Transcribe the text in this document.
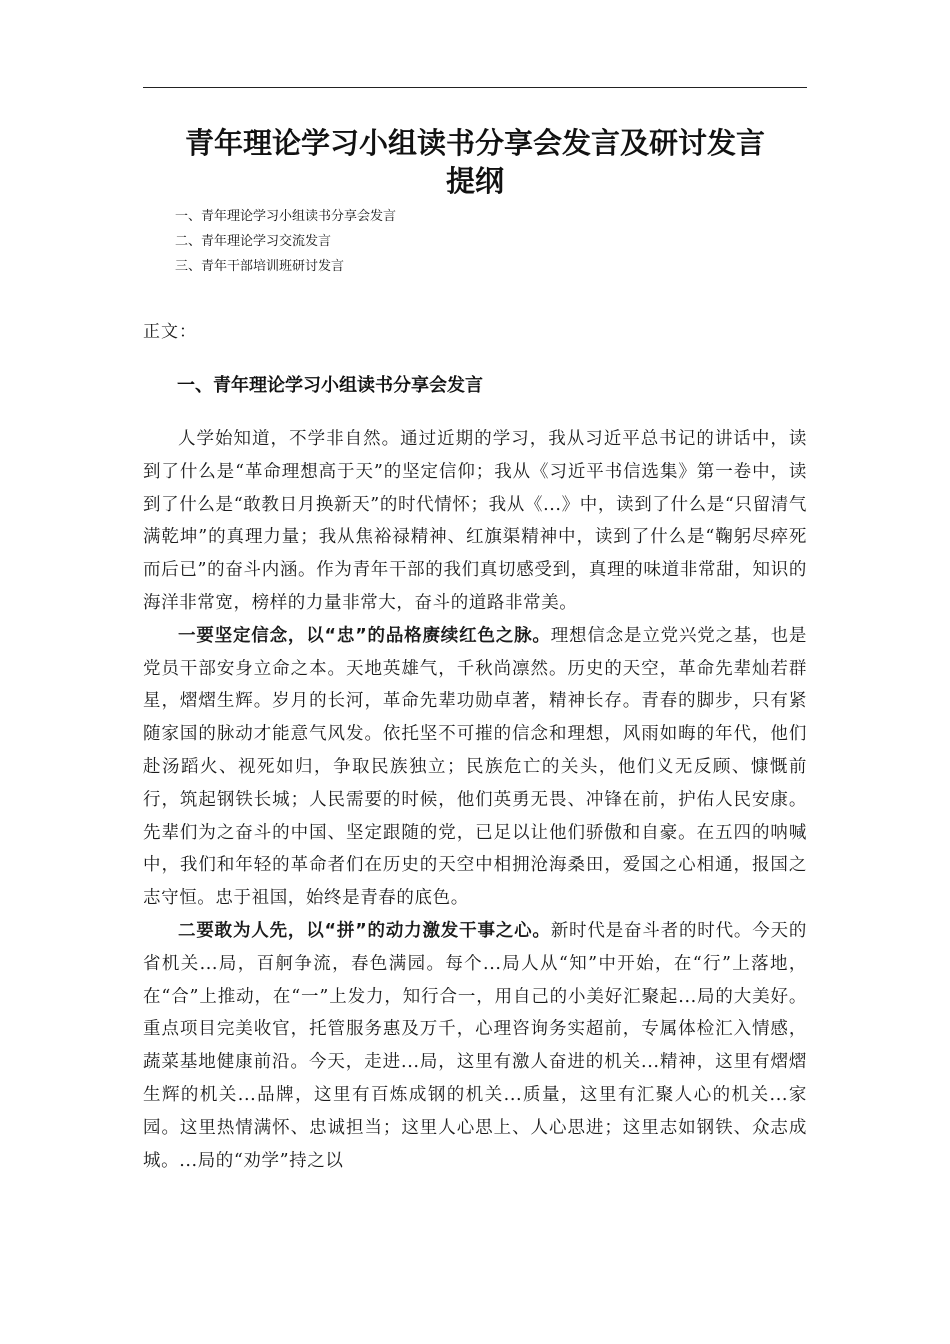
青年理论学习小组读书分享会发言及研讨发言
提纲
一、青年理论学习小组读书分享会发言
二、青年理论学习交流发言
三、青年干部培训班研讨发言

正文：

一、青年理论学习小组读书分享会发言

人学始知道，不学非自然。通过近期的学习，我从习近平总书记的讲话中，读到了什么是“革命理想高于天”的坚定信仰；我从《习近平书信选集》第一卷中，读到了什么是“敢教日月换新天”的时代情怀；我从《...》中，读到了什么是“只留清气满乾坤”的真理力量；我从焦裕禄精神、红旗渠精神中，读到了什么是“鞠躬尽瘁死而后已”的奋斗内涵。作为青年干部的我们真切感受到，真理的味道非常甜，知识的海洋非常宽，榜样的力量非常大，奋斗的道路非常美。

一要坚定信念，以“忠”的品格赓续红色之脉。理想信念是立党兴党之基，也是党员干部安身立命之本。天地英雄气，千秋尚凛然。历史的天空，革命先辈灿若群星，熠熠生辉。岁月的长河，革命先辈功勋卓著，精神长存。青春的脚步，只有紧随家国的脉动才能意气风发。依托坚不可摧的信念和理想，风雨如晦的年代，他们赴汤蹈火、视死如归，争取民族独立；民族危亡的关头，他们义无反顾、慷慨前行，筑起钢铁长城；人民需要的时候，他们英勇无畏、冲锋在前，护佑人民安康。先辈们为之奋斗的中国、坚定跟随的党，已足以让他们骄傲和自豪。在五四的呐喊中，我们和年轻的革命者们在历史的天空中相拥沧海桑田，爱国之心相通，报国之志守恒。忠于祖国，始终是青春的底色。

二要敢为人先，以“拼”的动力激发干事之心。新时代是奋斗者的时代。今天的省机关...局，百舸争流，春色满园。每个...局人从“知”中开始，在“行”上落地，在“合”上推动，在“一”上发力，知行合一，用自己的小美好汇聚起...局的大美好。重点项目完美收官，托管服务惠及万千，心理咨询务实超前，专属体检汇入情感，蔬菜基地健康前沿。今天，走进...局，这里有激人奋进的机关...精神，这里有熠熠生辉的机关...品牌，这里有百炼成钢的机关...质量，这里有汇聚人心的机关...家园。这里热情满怀、忠诚担当；这里人心思上、人心思进；这里志如钢铁、众志成城。...局的“劝学”持之以
